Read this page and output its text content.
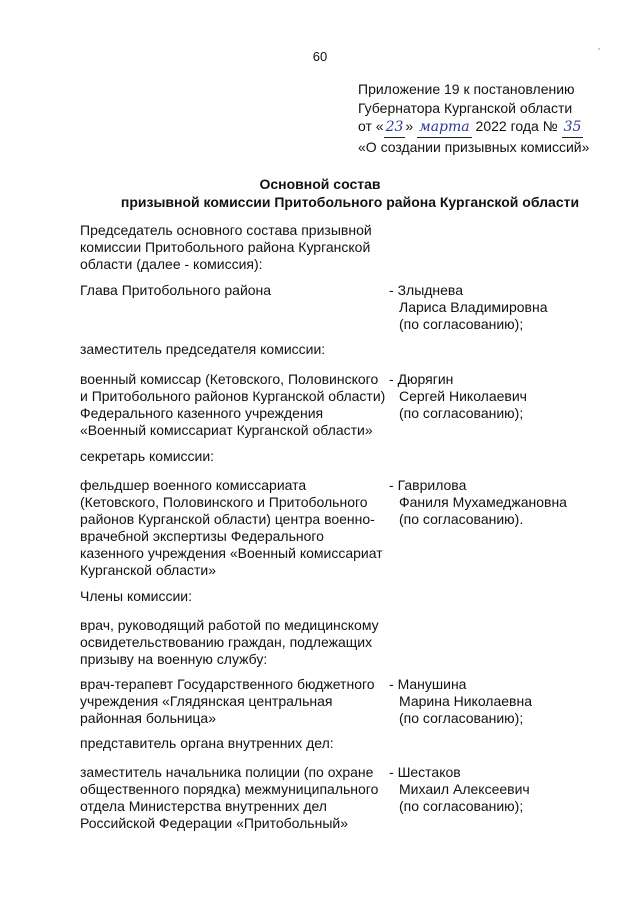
60
Приложение 19 к постановлению
Губернатора Курганской области
от « 23 » марта 2022 года № 35
«О создании призывных комиссий»
Основной состав
призывной комиссии Притобольного района Курганской области
Председатель основного состава призывной
комиссии Притобольного района Курганской
области (далее - комиссия):
Глава Притобольного района
-	Злыднева
Лариса Владимировна
(по согласованию);
заместитель председателя комиссии:
военный комиссар (Кетовского, Половинского
и Притобольного районов Курганской области)
Федерального казенного учреждения
«Военный комиссариат Курганской области»
- Дюрягин
Сергей Николаевич
(по согласованию);
секретарь комиссии:
фельдшер военного комиссариата
(Кетовского, Половинского и Притобольного
районов Курганской области) центра военно-
врачебной экспертизы Федерального
казенного учреждения «Военный комиссариат
Курганской области»
- Гаврилова
Фаниля Мухамеджановна
(по согласованию).
Члены комиссии:
врач, руководящий работой по медицинскому
освидетельствованию граждан, подлежащих
призыву на военную службу:
врач-терапевт Государственного бюджетного
учреждения «Глядянская центральная
районная больница»
- Манушина
Марина Николаевна
(по согласованию);
представитель органа внутренних дел:
заместитель начальника полиции (по охране
общественного порядка) межмуниципального
отдела Министерства внутренних дел
Российской Федерации «Притобольный»
- Шестаков
Михаил Алексеевич
(по согласованию);
